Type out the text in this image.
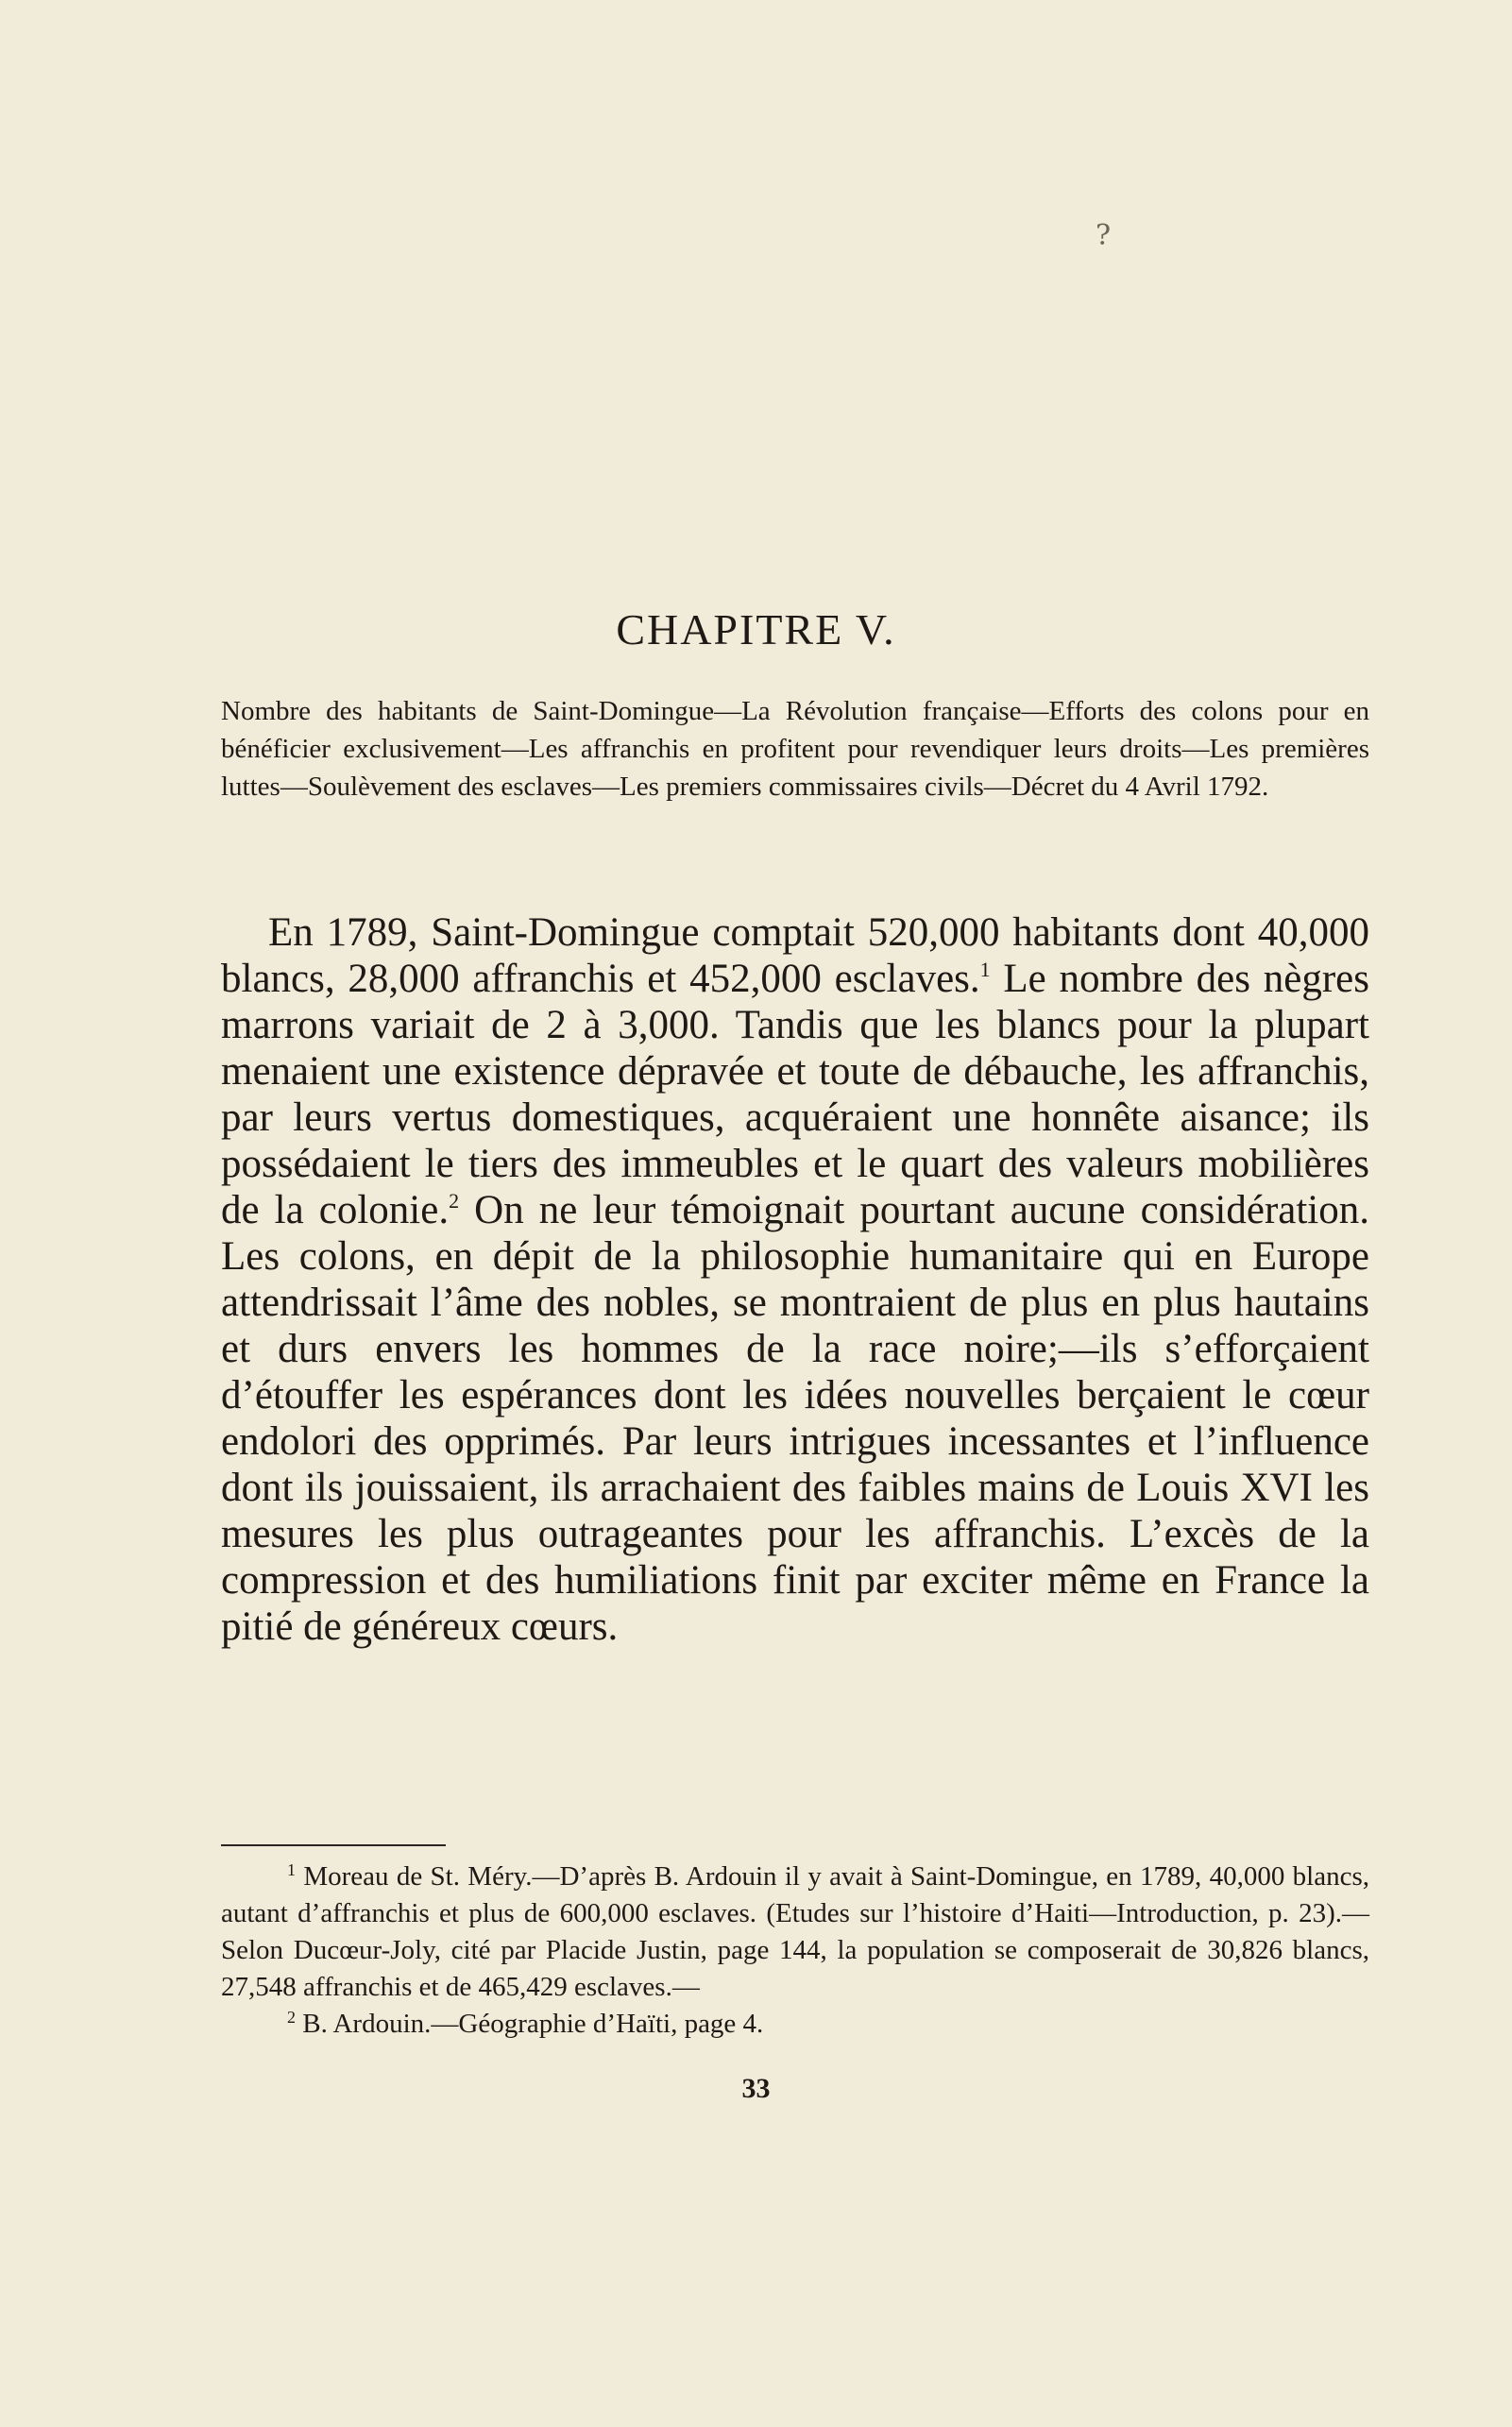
?
CHAPITRE V.
Nombre des habitants de Saint-Domingue—La Révolution française—Efforts des colons pour en bénéficier exclusivement—Les affranchis en profitent pour revendiquer leurs droits—Les premières luttes—Soulèvement des esclaves—Les premiers commissaires civils—Décret du 4 Avril 1792.

En 1789, Saint-Domingue comptait 520,000 habitants dont 40,000 blancs, 28,000 affranchis et 452,000 esclaves.$^1$ Le nombre des nègres marrons variait de 2 à 3,000. Tandis que les blancs pour la plupart menaient une existence dépravée et toute de débauche, les affranchis, par leurs vertus domestiques, acquéraient une honnête aisance; ils possédaient le tiers des immeubles et le quart des valeurs mobilières de la colonie.$^2$ On ne leur témoignait pourtant aucune considération. Les colons, en dépit de la philosophie humanitaire qui en Europe attendrissait l’âme des nobles, se montraient de plus en plus hautains et durs envers les hommes de la race noire;—ils s’efforçaient d’étouffer les espérances dont les idées nouvelles berçaient le cœur endolori des opprimés. Par leurs intrigues incessantes et l’influence dont ils jouissaient, ils arrachaient des faibles mains de Louis XVI les mesures les plus outrageantes pour les affranchis. L’excès de la compression et des humiliations finit par exciter même en France la pitié de généreux cœurs.

$^1$ Moreau de St. Méry.—D’après B. Ardouin il y avait à Saint-Domingue, en 1789, 40,000 blancs, autant d’affranchis et plus de 600,000 esclaves. (Etudes sur l’histoire d’Haiti—Introduction, p. 23).—Selon Ducœur-Joly, cité par Placide Justin, page 144, la population se composerait de 30,826 blancs, 27,548 affranchis et de 465,429 esclaves.—

$^2$ B. Ardouin.—Géographie d’Haïti, page 4.

33
